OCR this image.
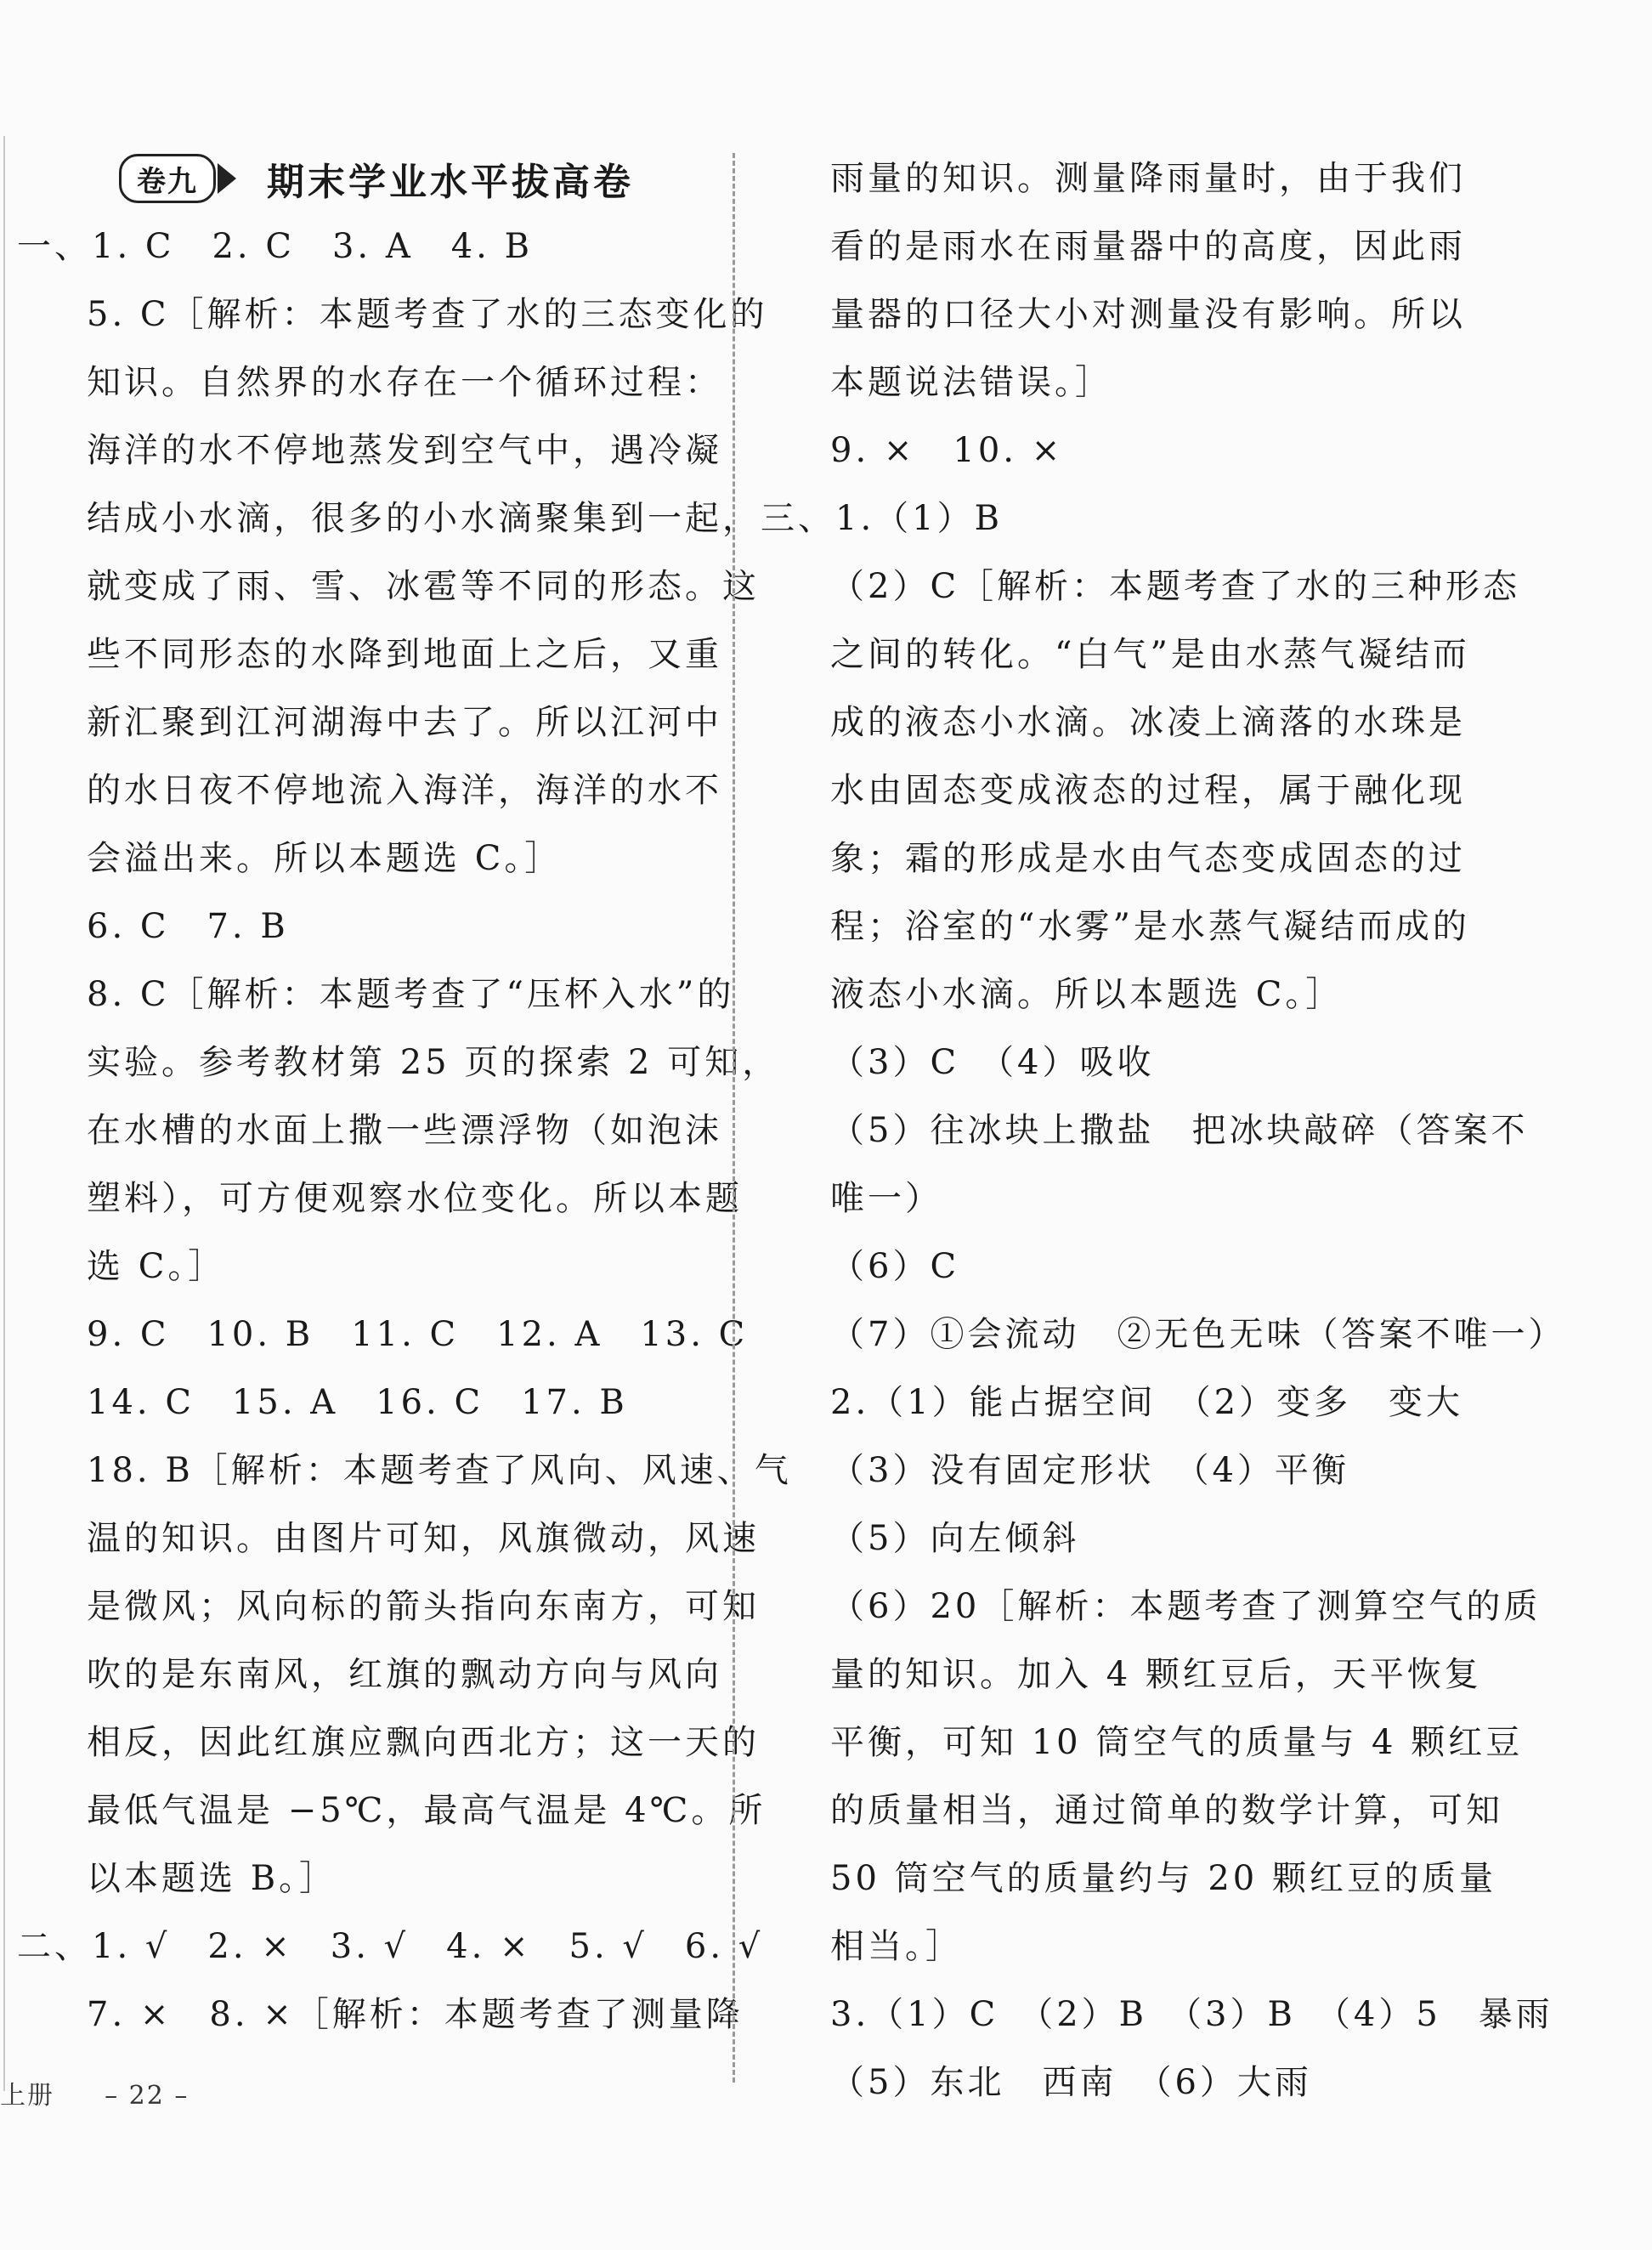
卷九 期末学业水平拔高卷
一、1. C　2. C　3. A　4. B
5. C［解析：本题考查了水的三态变化的
知识。自然界的水存在一个循环过程：
海洋的水不停地蒸发到空气中，遇冷凝
结成小水滴，很多的小水滴聚集到一起，
就变成了雨、雪、冰雹等不同的形态。这
些不同形态的水降到地面上之后，又重
新汇聚到江河湖海中去了。所以江河中
的水日夜不停地流入海洋，海洋的水不
会溢出来。所以本题选 C。］
6. C　7. B
8. C［解析：本题考查了“压杯入水”的
实验。参考教材第 25 页的探索 2 可知，
在水槽的水面上撒一些漂浮物（如泡沫
塑料），可方便观察水位变化。所以本题
选 C。］
9. C　10. B　11. C　12. A　13. C
14. C　15. A　16. C　17. B
18. B［解析：本题考查了风向、风速、气
温的知识。由图片可知，风旗微动，风速
是微风；风向标的箭头指向东南方，可知
吹的是东南风，红旗的飘动方向与风向
相反，因此红旗应飘向西北方；这一天的
最低气温是 −5℃，最高气温是 4℃。所
以本题选 B。］
二、1. √　2. ×　3. √　4. ×　5. √　6. √
7. ×　8. ×［解析：本题考查了测量降
雨量的知识。测量降雨量时，由于我们
看的是雨水在雨量器中的高度，因此雨
量器的口径大小对测量没有影响。所以
本题说法错误。］
9. ×　10. ×
三、1.（1）B
（2）C［解析：本题考查了水的三种形态
之间的转化。“白气”是由水蒸气凝结而
成的液态小水滴。冰凌上滴落的水珠是
水由固态变成液态的过程，属于融化现
象；霜的形成是水由气态变成固态的过
程；浴室的“水雾”是水蒸气凝结而成的
液态小水滴。所以本题选 C。］
（3）C　（4）吸收
（5）往冰块上撒盐　把冰块敲碎（答案不
唯一）
（6）C
（7）①会流动　②无色无味（答案不唯一）
2.（1）能占据空间　（2）变多　变大
（3）没有固定形状　（4）平衡
（5）向左倾斜
（6）20［解析：本题考查了测算空气的质
量的知识。加入 4 颗红豆后，天平恢复
平衡，可知 10 筒空气的质量与 4 颗红豆
的质量相当，通过简单的数学计算，可知
50 筒空气的质量约与 20 颗红豆的质量
相当。］
3.（1）C　（2）B　（3）B　（4）5　暴雨
（5）东北　西南　（6）大雨
上册 – 22 –
